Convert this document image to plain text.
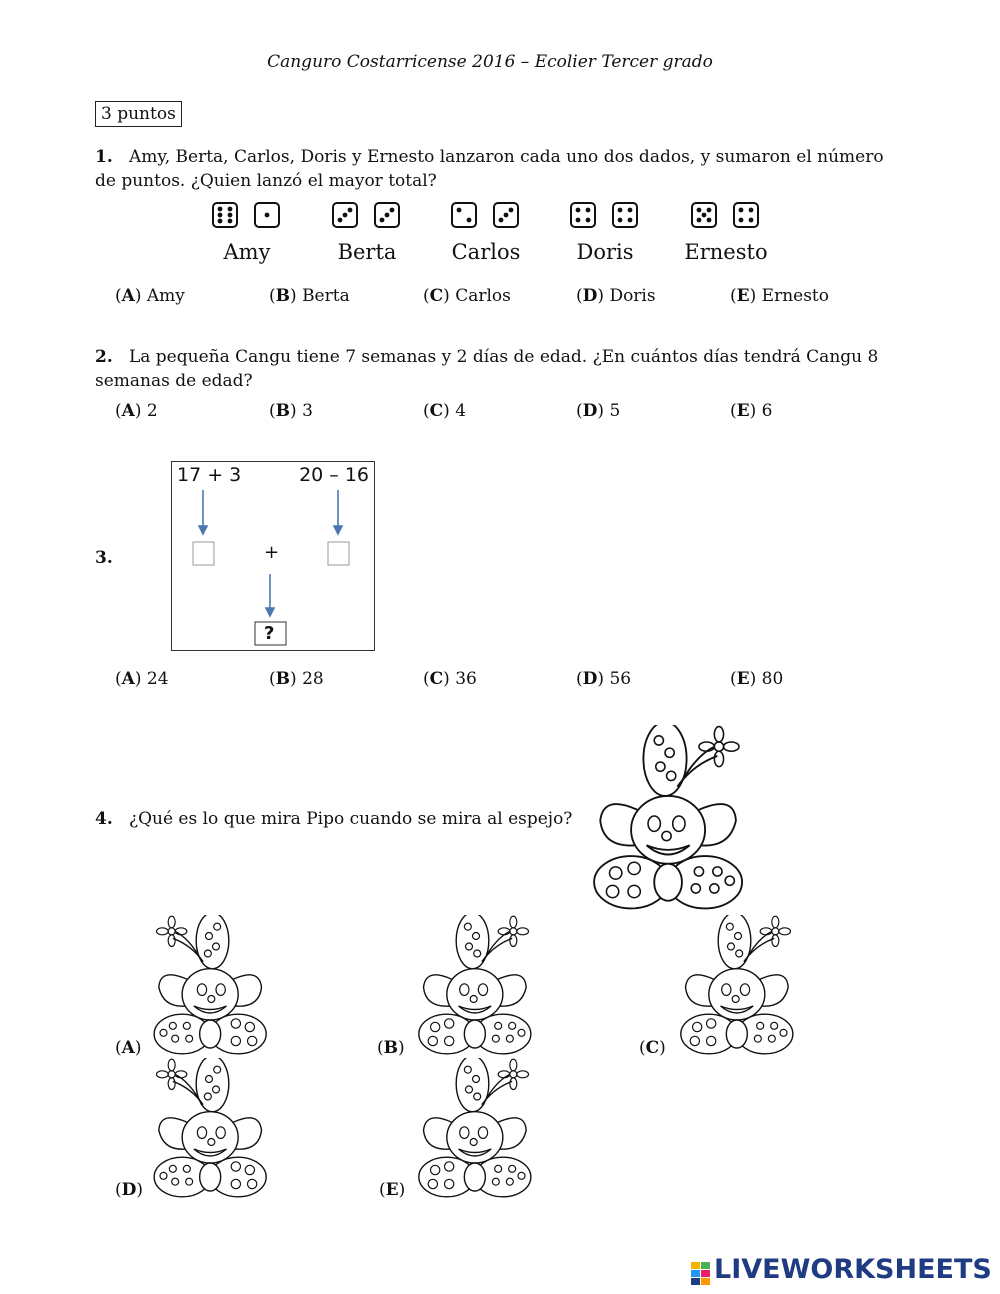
Canguro Costarricense 2016 – Ecolier Tercer grado
3 puntos
1. Amy, Berta, Carlos, Doris y Ernesto lanzaron cada uno dos dados, y sumaron el número
de puntos. ¿Quien lanzó el mayor total?
Amy	Berta	Carlos	Doris	Ernesto
(A) Amy	(B) Berta	(C) Carlos	(D) Doris	(E) Ernesto
2. La pequeña Cangu tiene 7 semanas y 2 días de edad. ¿En cuántos días tendrá Cangu 8
semanas de edad?
(A) 2	(B) 3	(C) 4	(D) 5	(E) 6
3.
17 + 3	20 – 16
+
?
(A) 24	(B) 28	(C) 36	(D) 56	(E) 80
4. ¿Qué es lo que mira Pipo cuando se mira al espejo?
(A)	(B)	(C)
(D)	(E)
LIVEWORKSHEETS
